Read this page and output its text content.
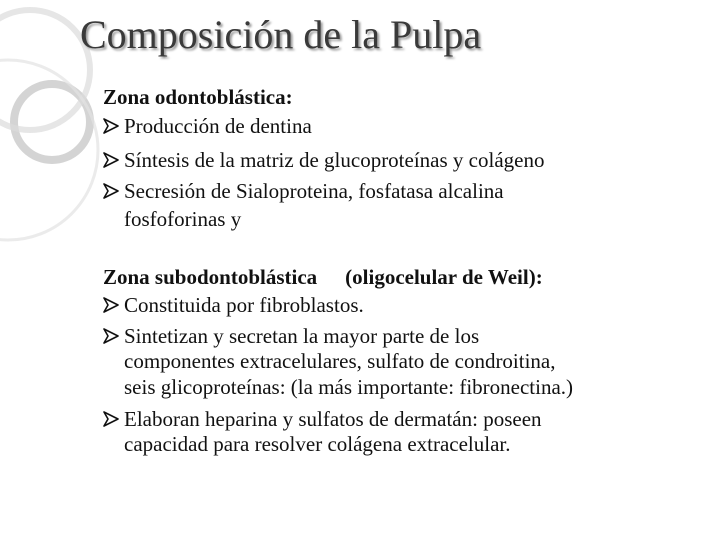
Composición de la Pulpa
Zona odontoblástica:
Producción de dentina
Síntesis de la matriz de glucoproteínas y colágeno
Secresión de Sialoproteina, fosfatasa alcalina
fosfoforinas y
Zona subodontoblástica (oligocelular de Weil):
Constituida por fibroblastos.
Sintetizan y secretan la mayor parte de los
componentes extracelulares, sulfato de condroitina,
seis glicoproteínas: (la más importante: fibronectina.)
Elaboran heparina y sulfatos de dermatán: poseen
capacidad para resolver colágena extracelular.
